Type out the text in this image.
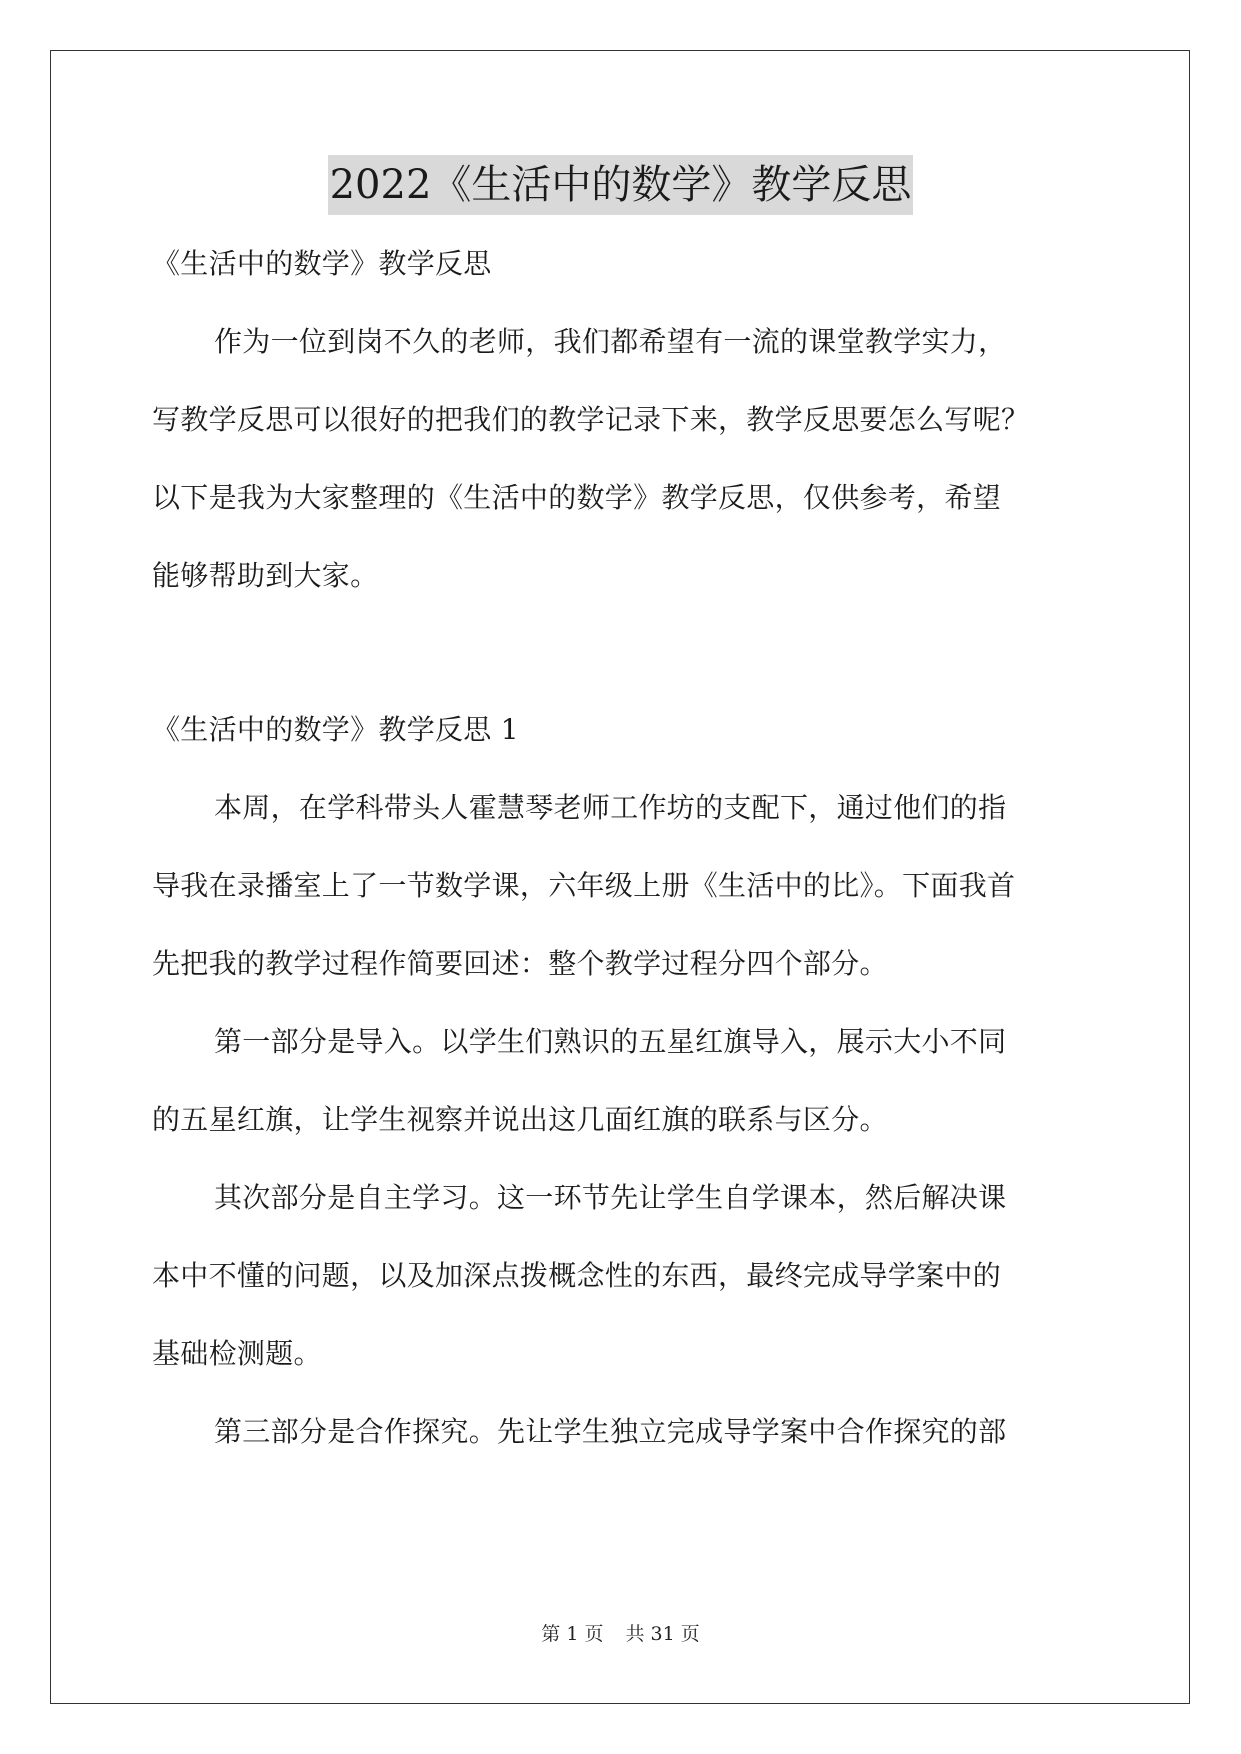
2022《生活中的数学》教学反思
《生活中的数学》教学反思
作为一位到岗不久的老师，我们都希望有一流的课堂教学实力，
写教学反思可以很好的把我们的教学记录下来，教学反思要怎么写呢？
以下是我为大家整理的《生活中的数学》教学反思，仅供参考，希望
能够帮助到大家。
《生活中的数学》教学反思 1
本周，在学科带头人霍慧琴老师工作坊的支配下，通过他们的指
导我在录播室上了一节数学课，六年级上册《生活中的比》。下面我首
先把我的教学过程作简要回述：整个教学过程分四个部分。
第一部分是导入。以学生们熟识的五星红旗导入，展示大小不同
的五星红旗，让学生视察并说出这几面红旗的联系与区分。
其次部分是自主学习。这一环节先让学生自学课本，然后解决课
本中不懂的问题，以及加深点拨概念性的东西，最终完成导学案中的
基础检测题。
第三部分是合作探究。先让学生独立完成导学案中合作探究的部
第 1 页 共 31 页
